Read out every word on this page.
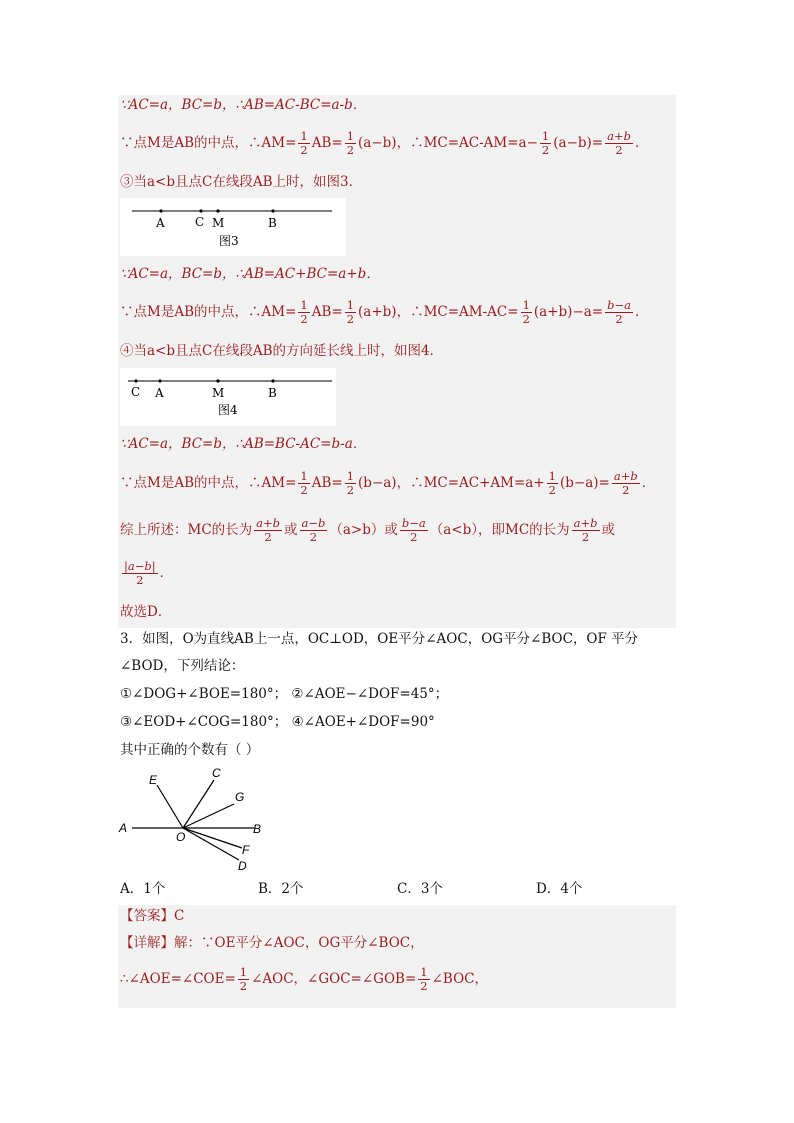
∵AC=a，BC=b，∴AB=AC-BC=a-b．
∵点M是AB的中点，∴AM= $\frac{1}{2} AB= \frac{1}{2} (a-b)$，∴MC=AC-AM=a− $\frac{1}{2} (a-b)= \frac{a+b}{2}$ ．
③当a<b且点C在线段AB上时，如图3．
A	C M	B
图3
∵AC=a，BC=b，∴AB=AC+BC=a+b．
∵点M是AB的中点，∴AM= $\frac{1}{2} AB= \frac{1}{2} (a+b)$，∴MC=AM-AC= $\frac{1}{2} (a+b)-a= \frac{b-a}{2}$ ．
④当a<b且点C在线段AB的方向延长线上时，如图4．
C A	M	B
图4
∵AC=a，BC=b，∴AB=BC-AC=b-a．
∵点M是AB的中点，∴AM= $\frac{1}{2} AB= \frac{1}{2} (b-a)$，∴MC=AC+AM=a+ $\frac{1}{2} (b-a)= \frac{a+b}{2}$ ．
综上所述：MC的长为 $\frac{a+b}{2}$ 或 $\frac{a-b}{2} (a>b)$或 $\frac{b-a}{2} (a<b)$，即MC的长为 $\frac{a+b}{2}$ 或
$\frac{|a-b|}{2}$ ．
故选D．
3．如图，O为直线AB上一点，OC⊥OD，OE平分∠AOC，OG平分∠BOC，OF 平分
∠BOD，下列结论：
①∠DOG+∠BOE=180°； ②∠AOE−∠DOF=45°；
③∠EOD+∠COG=180°； ④∠AOE+∠DOF=90°
其中正确的个数有（ ）
A	B
O
E	C
G
F
D
A．1个	B．2个	C．3个	D．4个
【答案】C
【详解】解：∵OE平分∠AOC，OG平分∠BOC，
∴∠AOE=∠COE= $\frac{1}{2}$ ∠AOC，∠GOC=∠GOB= $\frac{1}{2}$ ∠BOC，
